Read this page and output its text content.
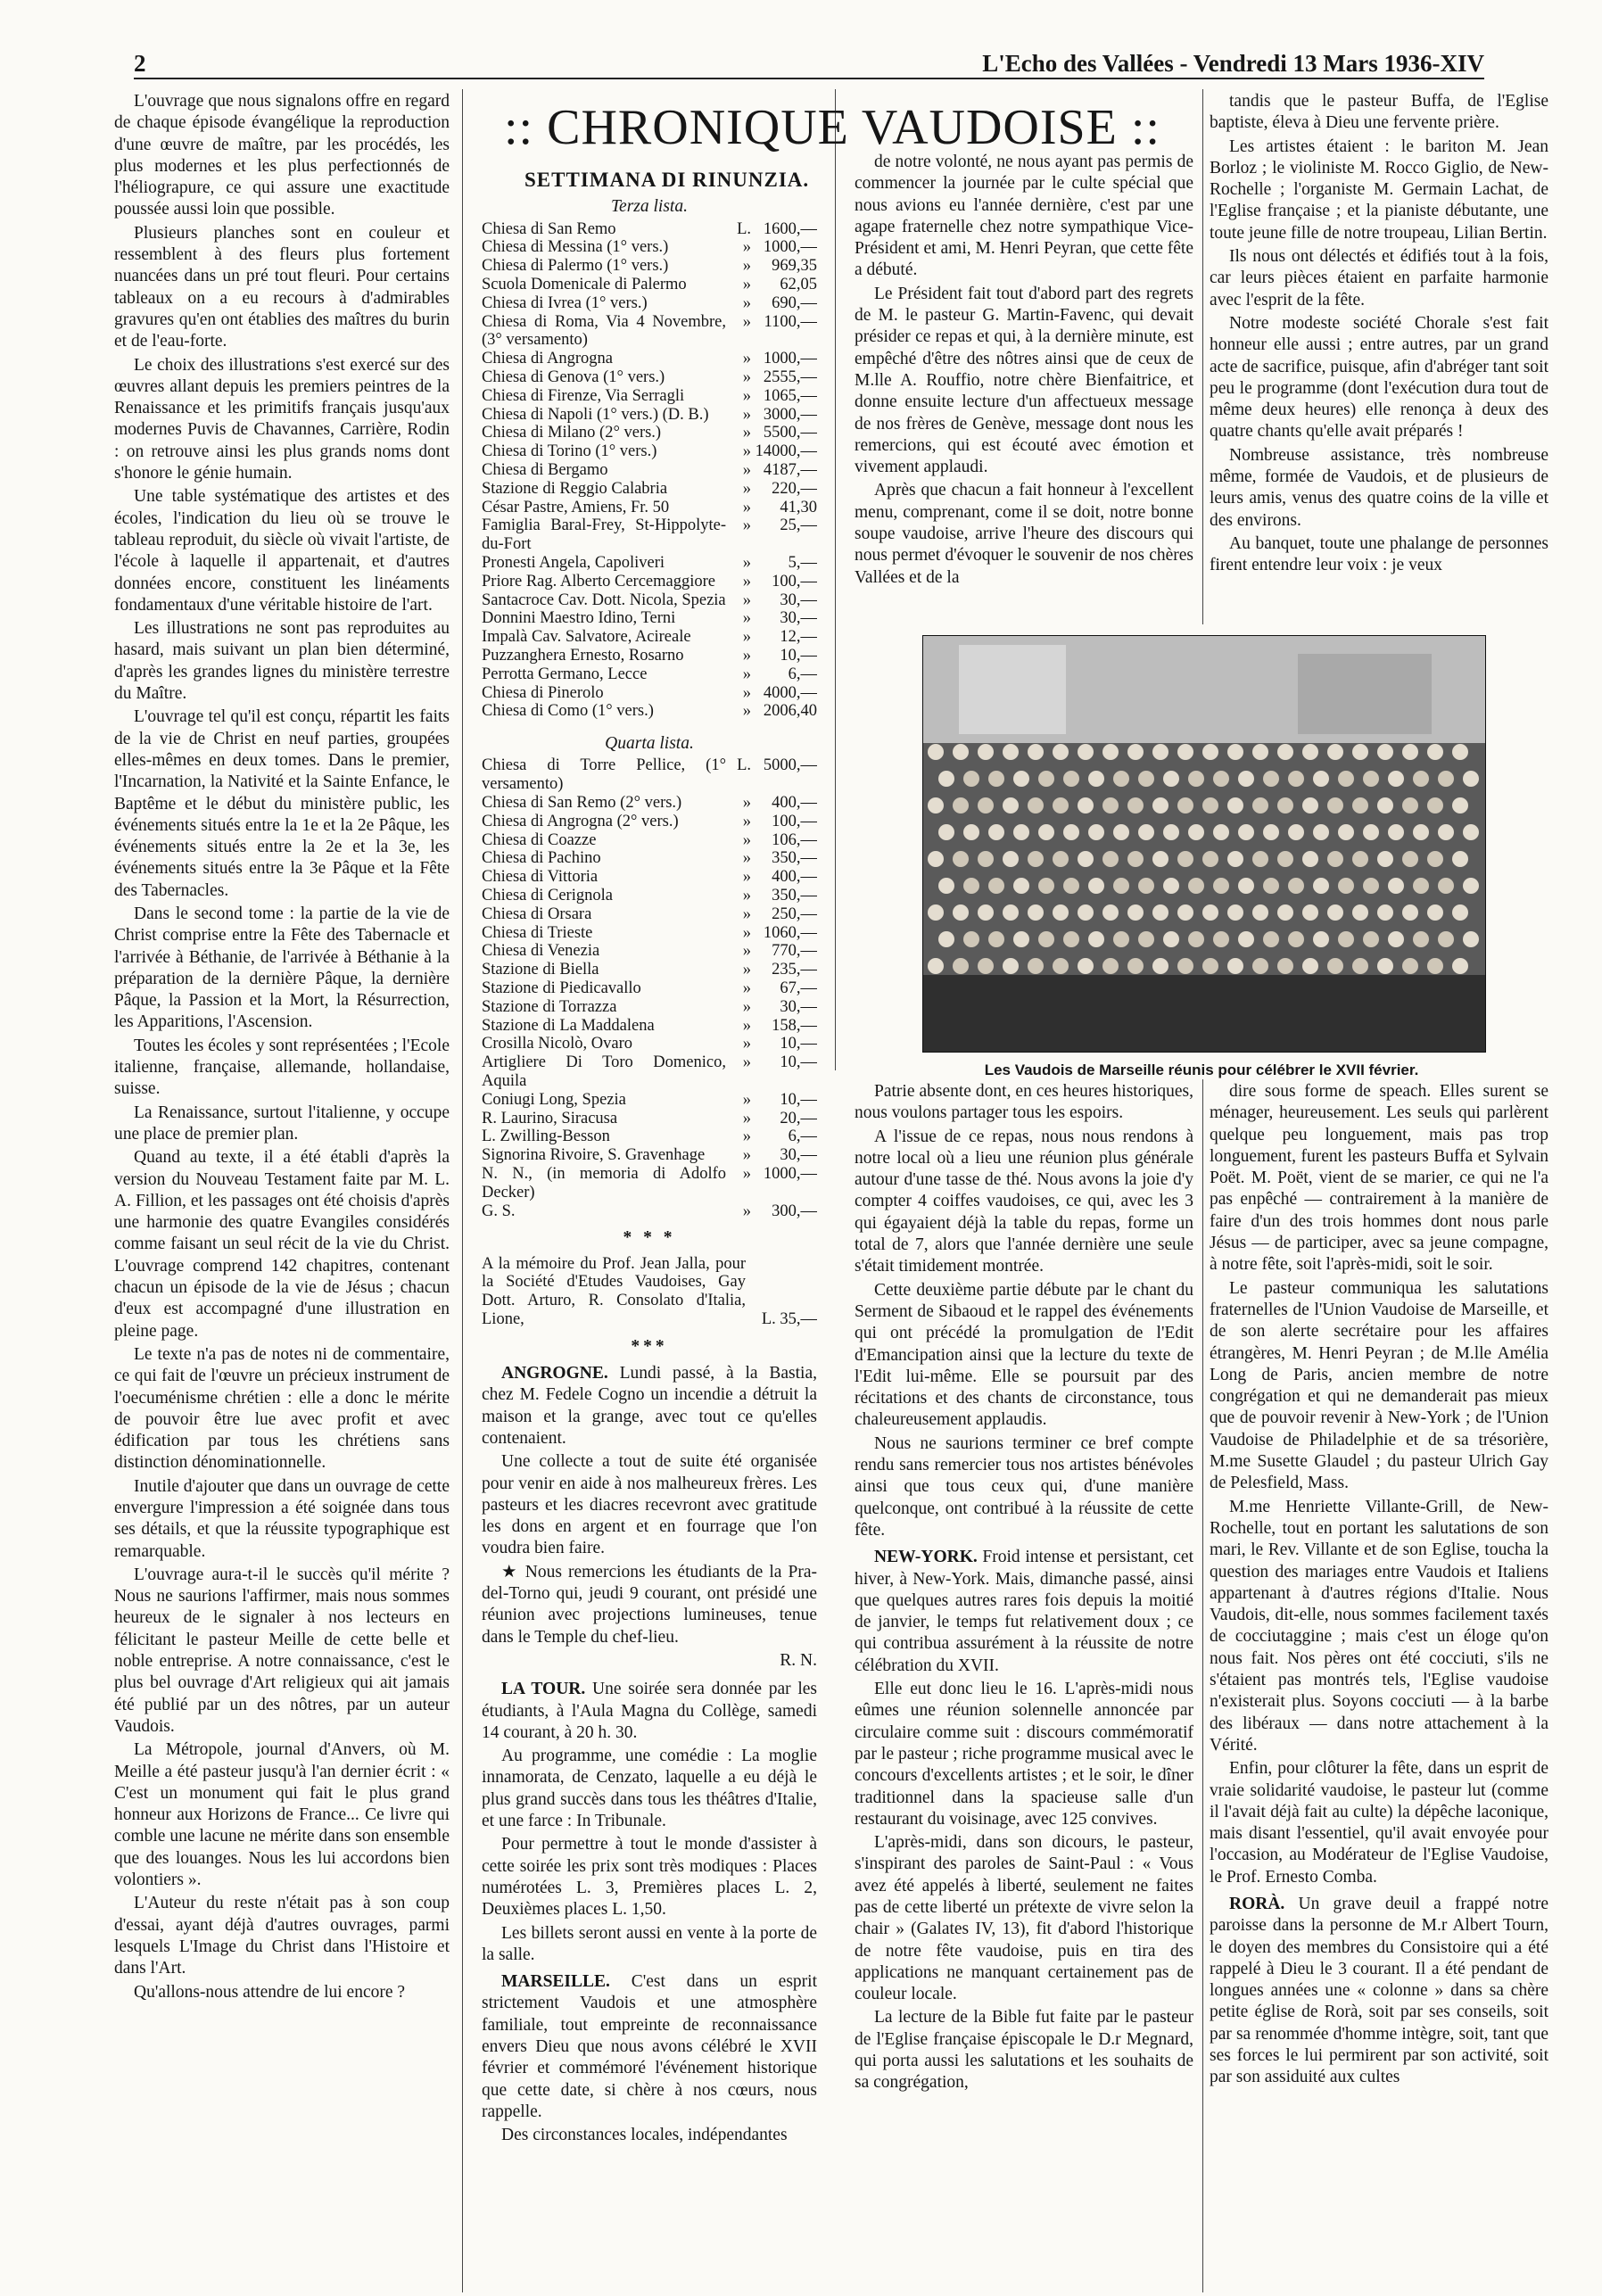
2	L'Echo des Vallées - Vendredi 13 Mars 1936-XIV
:: CHRONIQUE VAUDOISE ::

L'ouvrage que nous signalons offre en regard de chaque épisode évangélique la reproduction d'une œuvre de maître, par les procédés, les plus modernes et les plus perfectionnés de l'héliograpure, ce qui assure une exactitude poussée aussi loin que possible.

Plusieurs planches sont en couleur et ressemblent à des fleurs plus fortement nuancées dans un pré tout fleuri. Pour certains tableaux on a eu recours à d'admirables gravures qu'en ont établies des maîtres du burin et de l'eau-forte.

Le choix des illustrations s'est exercé sur des œuvres allant depuis les premiers peintres de la Renaissance et les primitifs français jusqu'aux modernes Puvis de Chavannes, Carrière, Rodin : on retrouve ainsi les plus grands noms dont s'honore le génie humain.

Une table systématique des artistes et des écoles, l'indication du lieu où se trouve le tableau reproduit, du siècle où vivait l'artiste, de l'école à laquelle il appartenait, et d'autres données encore, constituent les linéaments fondamentaux d'une véritable histoire de l'art.

Les illustrations ne sont pas reproduites au hasard, mais suivant un plan bien déterminé, d'après les grandes lignes du ministère terrestre du Maître.

L'ouvrage tel qu'il est conçu, répartit les faits de la vie de Christ en neuf parties, groupées elles-mêmes en deux tomes. Dans le premier, l'Incarnation, la Nativité et la Sainte Enfance, le Baptême et le début du ministère public, les événements situés entre la 1e et la 2e Pâque, les événements situés entre la 2e et la 3e, les événements situés entre la 3e Pâque et la Fête des Tabernacles.

Dans le second tome : la partie de la vie de Christ comprise entre la Fête des Tabernacle et l'arrivée à Béthanie, de l'arrivée à Béthanie à la préparation de la dernière Pâque, la dernière Pâque, la Passion et la Mort, la Résurrection, les Apparitions, l'Ascension.

Toutes les écoles y sont représentées ; l'Ecole italienne, française, allemande, hollandaise, suisse.

La Renaissance, surtout l'italienne, y occupe une place de premier plan.

Quand au texte, il a été établi d'après la version du Nouveau Testament faite par M. L. A. Fillion, et les passages ont été choisis d'après une harmonie des quatre Evangiles considérés comme faisant un seul récit de la vie du Christ. L'ouvrage comprend 142 chapitres, contenant chacun un épisode de la vie de Jésus ; chacun d'eux est accompagné d'une illustration en pleine page.

Le texte n'a pas de notes ni de commentaire, ce qui fait de l'œuvre un précieux instrument de l'oecuménisme chrétien : elle a donc le mérite de pouvoir être lue avec profit et avec édification par tous les chrétiens sans distinction dénominationnelle.

Inutile d'ajouter que dans un ouvrage de cette envergure l'impression a été soignée dans tous ses détails, et que la réussite typographique est remarquable.

L'ouvrage aura-t-il le succès qu'il mérite ? Nous ne saurions l'affirmer, mais nous sommes heureux de le signaler à nos lecteurs en félicitant le pasteur Meille de cette belle et noble entreprise. A notre connaissance, c'est le plus bel ouvrage d'Art religieux qui ait jamais été publié par un des nôtres, par un auteur Vaudois.

La Métropole, journal d'Anvers, où M. Meille a été pasteur jusqu'à l'an dernier écrit : « C'est un monument qui fait le plus grand honneur aux Horizons de France... Ce livre qui comble une lacune ne mérite dans son ensemble que des louanges. Nous les lui accordons bien volontiers ».

L'Auteur du reste n'était pas à son coup d'essai, ayant déjà d'autres ouvrages, parmi lesquels L'Image du Christ dans l'Histoire et dans l'Art.

Qu'allons-nous attendre de lui encore ?

SETTIMANA DI RINUNZIA.
Terza lista.
Chiesa di San Remo	L. 1600,—
Chiesa di Messina (1° vers.)	» 1000,—
Chiesa di Palermo (1° vers.)	»	969,35
Scuola Domenicale di Palermo	»	62,05
Chiesa di Ivrea (1° vers.)	»	690,—
Chiesa di Roma, Via 4 Novembre, (3° versamento)
» 1100,—
Chiesa di Angrogna	» 1000,—
Chiesa di Genova (1° vers.)	» 2555,—
Chiesa di Firenze, Via Serragli	» 1065,—
Chiesa di Napoli (1° vers.) (D. B.)	» 3000,—
Chiesa di Milano (2° vers.)	» 5500,—
Chiesa di Torino (1° vers.)	» 14000,—
Chiesa di Bergamo	» 4187,—
Stazione di Reggio Calabria	»	220,—
César Pastre, Amiens, Fr. 50	»	41,30
Famiglia Baral-Frey, St-Hippolyte-du-Fort
»	25,—
Pronesti Angela, Capoliveri	»	5,—
Priore Rag. Alberto Cercemaggiore	»	100,—
Santacroce Cav. Dott. Nicola, Spezia	»	30,—
Donnini Maestro Idino, Terni	»	30,—
Impalà Cav. Salvatore, Acireale	»	12,—
Puzzanghera Ernesto, Rosarno	»	10,—
Perrotta Germano, Lecce	»	6,—
Chiesa di Pinerolo	» 4000,—
Chiesa di Como (1° vers.)	» 2006,40
Quarta lista.
Chiesa di Torre Pellice, (1° versamento)
L. 5000,—
Chiesa di San Remo (2° vers.)	»	400,—
Chiesa di Angrogna (2° vers.)	»	100,—
Chiesa di Coazze	»	106,—
Chiesa di Pachino	»	350,—
Chiesa di Vittoria	»	400,—
Chiesa di Cerignola	»	350,—
Chiesa di Orsara	»	250,—
Chiesa di Trieste	» 1060,—
Chiesa di Venezia	»	770,—
Stazione di Biella	»	235,—
Stazione di Piedicavallo	»	67,—
Stazione di Torrazza	»	30,—
Stazione di La Maddalena	»	158,—
Crosilla Nicolò, Ovaro	»	10,—
Artigliere Di Toro Domenico, Aquila
»	10,—
Coniugi Long, Spezia	»	10,—
R. Laurino, Siracusa	»	20,—
L. Zwilling-Besson	»	6,—
Signorina Rivoire, S. Gravenhage	»	30,—
N. N., (in memoria di Adolfo Decker)
» 1000,—
G. S.	»	300,—
* * *
A la mémoire du Prof. Jean Jalla, pour la Société d'Etudes Vaudoises, Gay Dott. Arturo, R. Consolato d'Italia, Lione,	L. 35,—
***

ANGROGNE. Lundi passé, à la Bastia, chez M. Fedele Cogno un incendie a détruit la maison et la grange, avec tout ce qu'elles contenaient.

Une collecte a tout de suite été organisée pour venir en aide à nos malheureux frères. Les pasteurs et les diacres recevront avec gratitude les dons en argent et en fourrage que l'on voudra bien faire.

★ Nous remercions les étudiants de la Pra-del-Torno qui, jeudi 9 courant, ont présidé une réunion avec projections lumineuses, tenue dans le Temple du chef-lieu.

R. N.

LA TOUR. Une soirée sera donnée par les étudiants, à l'Aula Magna du Collège, samedi 14 courant, à 20 h. 30.

Au programme, une comédie : La moglie innamorata, de Cenzato, laquelle a eu déjà le plus grand succès dans tous les théâtres d'Italie, et une farce : In Tribunale.

Pour permettre à tout le monde d'assister à cette soirée les prix sont très modiques : Places numérotées L. 3, Premières places L. 2, Deuxièmes places L. 1,50.

Les billets seront aussi en vente à la porte de la salle.

MARSEILLE. C'est dans un esprit strictement Vaudois et une atmosphère familiale, tout empreinte de reconnaissance envers Dieu que nous avons célébré le XVII février et commémoré l'événement historique que cette date, si chère à nos cœurs, nous rappelle.

Des circonstances locales, indépendantes

de notre volonté, ne nous ayant pas permis de commencer la journée par le culte spécial que nous avions eu l'année dernière, c'est par une agape fraternelle chez notre sympathique Vice-Président et ami, M. Henri Peyran, que cette fête a débuté.

Le Président fait tout d'abord part des regrets de M. le pasteur G. Martin-Favenc, qui devait présider ce repas et qui, à la dernière minute, est empêché d'être des nôtres ainsi que de ceux de M.lle A. Rouffio, notre chère Bienfaitrice, et donne ensuite lecture d'un affectueux message de nos frères de Genève, message dont nous les remercions, qui est écouté avec émotion et vivement applaudi.

Après que chacun a fait honneur à l'excellent menu, comprenant, come il se doit, notre bonne soupe vaudoise, arrive l'heure des discours qui nous permet d'évoquer le souvenir de nos chères Vallées et de la

tandis que le pasteur Buffa, de l'Eglise baptiste, éleva à Dieu une fervente prière.

Les artistes étaient : le bariton M. Jean Borloz ; le violiniste M. Rocco Giglio, de New-Rochelle ; l'organiste M. Germain Lachat, de l'Eglise française ; et la pianiste débutante, une toute jeune fille de notre troupeau, Lilian Bertin.

Ils nous ont délectés et édifiés tout à la fois, car leurs pièces étaient en parfaite harmonie avec l'esprit de la fête.

Notre modeste société Chorale s'est fait honneur elle aussi ; entre autres, par un grand acte de sacrifice, puisque, afin d'abréger tant soit peu le programme (dont l'exécution dura tout de même deux heures) elle renonça à deux des quatre chants qu'elle avait préparés !

Nombreuse assistance, très nombreuse même, formée de Vaudois, et de plusieurs de leurs amis, venus des quatre coins de la ville et des environs.

Au banquet, toute une phalange de personnes firent entendre leur voix : je veux

Les Vaudois de Marseille réunis pour célébrer le XVII février.

Patrie absente dont, en ces heures historiques, nous voulons partager tous les espoirs.

A l'issue de ce repas, nous nous rendons à notre local où a lieu une réunion plus générale autour d'une tasse de thé. Nous avons la joie d'y compter 4 coiffes vaudoises, ce qui, avec les 3 qui égayaient déjà la table du repas, forme un total de 7, alors que l'année dernière une seule s'était timidement montrée.

Cette deuxième partie débute par le chant du Serment de Sibaoud et le rappel des événements qui ont précédé la promulgation de l'Edit d'Emancipation ainsi que la lecture du texte de l'Edit lui-même. Elle se poursuit par des récitations et des chants de circonstance, tous chaleureusement applaudis.

Nous ne saurions terminer ce bref compte rendu sans remercier tous nos artistes bénévoles ainsi que tous ceux qui, d'une manière quelconque, ont contribué à la réussite de cette fête.

NEW-YORK. Froid intense et persistant, cet hiver, à New-York. Mais, dimanche passé, ainsi que quelques autres rares fois depuis la moitié de janvier, le temps fut relativement doux ; ce qui contribua assurément à la réussite de notre célébration du XVII.

Elle eut donc lieu le 16. L'après-midi nous eûmes une réunion solennelle annoncée par circulaire comme suit : discours commémoratif par le pasteur ; riche programme musical avec le concours d'excellents artistes ; et le soir, le dîner traditionnel dans la spacieuse salle d'un restaurant du voisinage, avec 125 convives.

L'après-midi, dans son dicours, le pasteur, s'inspirant des paroles de Saint-Paul : « Vous avez été appelés à liberté, seulement ne faites pas de cette liberté un prétexte de vivre selon la chair » (Galates IV, 13), fit d'abord l'historique de notre fête vaudoise, puis en tira des applications ne manquant certainement pas de couleur locale.

La lecture de la Bible fut faite par le pasteur de l'Eglise française épiscopale le D.r Megnard, qui porta aussi les salutations et les souhaits de sa congrégation,

dire sous forme de speach. Elles surent se ménager, heureusement. Les seuls qui parlèrent quelque peu longuement, mais pas trop longuement, furent les pasteurs Buffa et Sylvain Poët. M. Poët, vient de se marier, ce qui ne l'a pas enpêché — contrairement à la manière de faire d'un des trois hommes dont nous parle Jésus — de participer, avec sa jeune compagne, à notre fête, soit l'après-midi, soit le soir.

Le pasteur communiqua les salutations fraternelles de l'Union Vaudoise de Marseille, et de son alerte secrétaire pour les affaires étrangères, M. Henri Peyran ; de M.lle Amélia Long de Paris, ancien membre de notre congrégation et qui ne demanderait pas mieux que de pouvoir revenir à New-York ; de l'Union Vaudoise de Philadelphie et de sa trésorière, M.me Susette Glaudel ; du pasteur Ulrich Gay de Pelesfield, Mass.

M.me Henriette Villante-Grill, de New-Rochelle, tout en portant les salutations de son mari, le Rev. Villante et de son Eglise, toucha la question des mariages entre Vaudois et Italiens appartenant à d'autres régions d'Italie. Nous Vaudois, dit-elle, nous sommes facilement taxés de cocciutaggine ; mais c'est un éloge qu'on nous fait. Nos pères ont été cocciuti, s'ils ne s'étaient pas montrés tels, l'Eglise vaudoise n'existerait plus. Soyons cocciuti — à la barbe des libéraux — dans notre attachement à la Vérité.

Enfin, pour clôturer la fête, dans un esprit de vraie solidarité vaudoise, le pasteur lut (comme il l'avait déjà fait au culte) la dépêche laconique, mais disant l'essentiel, qu'il avait envoyée pour l'occasion, au Modérateur de l'Eglise Vaudoise, le Prof. Ernesto Comba.

RORÀ. Un grave deuil a frappé notre paroisse dans la personne de M.r Albert Tourn, le doyen des membres du Consistoire qui a été rappelé à Dieu le 3 courant. Il a été pendant de longues années une « colonne » dans sa chère petite église de Rorà, soit par ses conseils, soit par sa renommée d'homme intègre, soit, tant que ses forces le lui permirent par son activité, soit par son assiduité aux cultes
